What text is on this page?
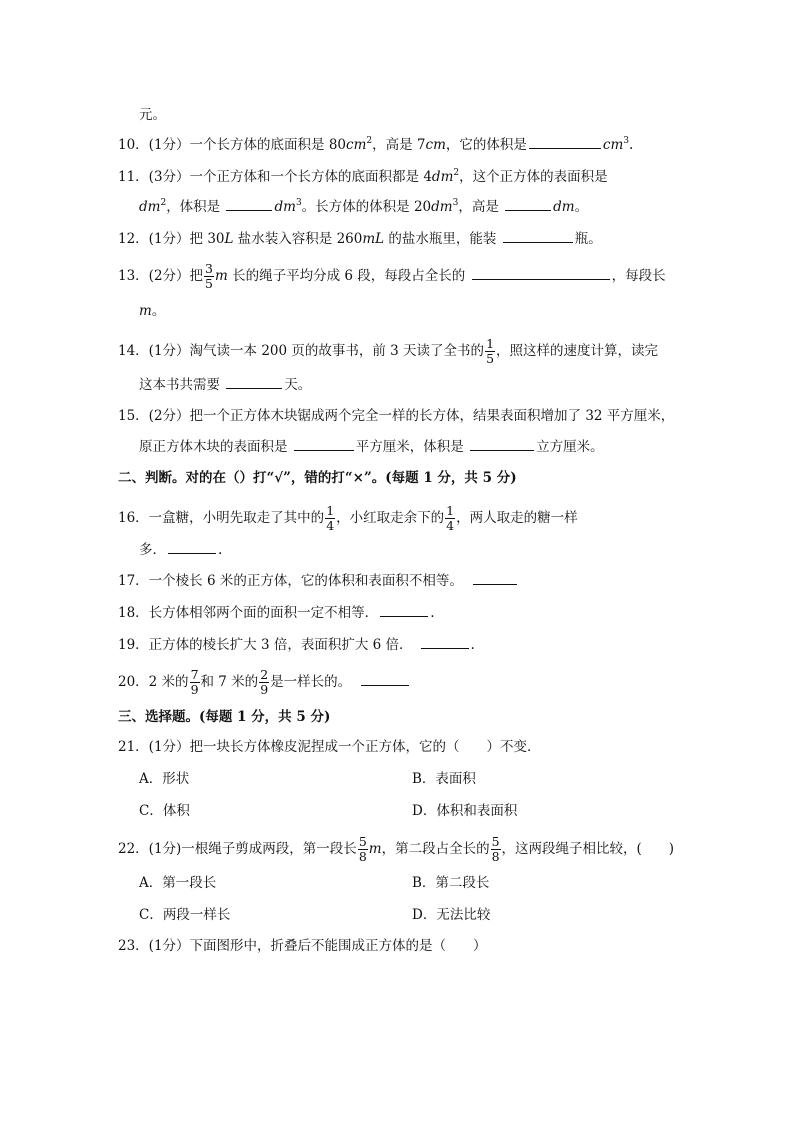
元。
10．(1分）一个长方体的底面积是 $80cm^2$，高是 7cm，它的体积是	$cm^3$.
11．(3分）一个正方体和一个长方体的底面积都是 $4dm^2$，这个正方体的表面积是
$dm^2$，体积是	$dm^3$。长方体的体积是 $20dm^3$，高是	dm。
12．(1分）把 30L 盐水装入容积是 260mL 的盐水瓶里，能装	瓶。
13．(2分）把 $\frac{3}{5}$ m 长的绳子平均分成 6 段，每段占全长的	，每段长
m。
14．(1分）淘气读一本 200 页的故事书，前 3 天读了全书的 $\frac{1}{5}$ ，照这样的速度计算，读完
这本书共需要	天。
15．(2分）把一个正方体木块锯成两个完全一样的长方体，结果表面积增加了 32 平方厘米，
原正方体木块的表面积是	平方厘米，体积是	立方厘米。
二、判断。对的在（）打“√”，错的打“×”。(每题 1 分，共 5 分)
16．一盒糖，小明先取走了其中的 $\frac{1}{4}$ ，小红取走余下的 $\frac{1}{4}$ ，两人取走的糖一样
多．	.
17．一个棱长 6 米的正方体，它的体积和表面积不相等。
18．长方体相邻两个面的面积一定不相等．	.
19．正方体的棱长扩大 3 倍，表面积扩大 6 倍．	.
20．2 米的 $\frac{7}{9}$ 和 7 米的 $\frac{2}{9}$ 是一样长的。
三、选择题。(每题 1 分，共 5 分)
21．(1分）把一块长方体橡皮泥捏成一个正方体，它的（　　）不变．
A．形状	B．表面积
C．体积	D．体积和表面积
22．(1分)一根绳子剪成两段，第一段长 $\frac{5}{8}$ m，第二段占全长的 $\frac{5}{8}$ ，这两段绳子相比较，(　　)
A．第一段长	B．第二段长
C．两段一样长	D．无法比较
23．(1分）下面图形中，折叠后不能围成正方体的是（　　）
